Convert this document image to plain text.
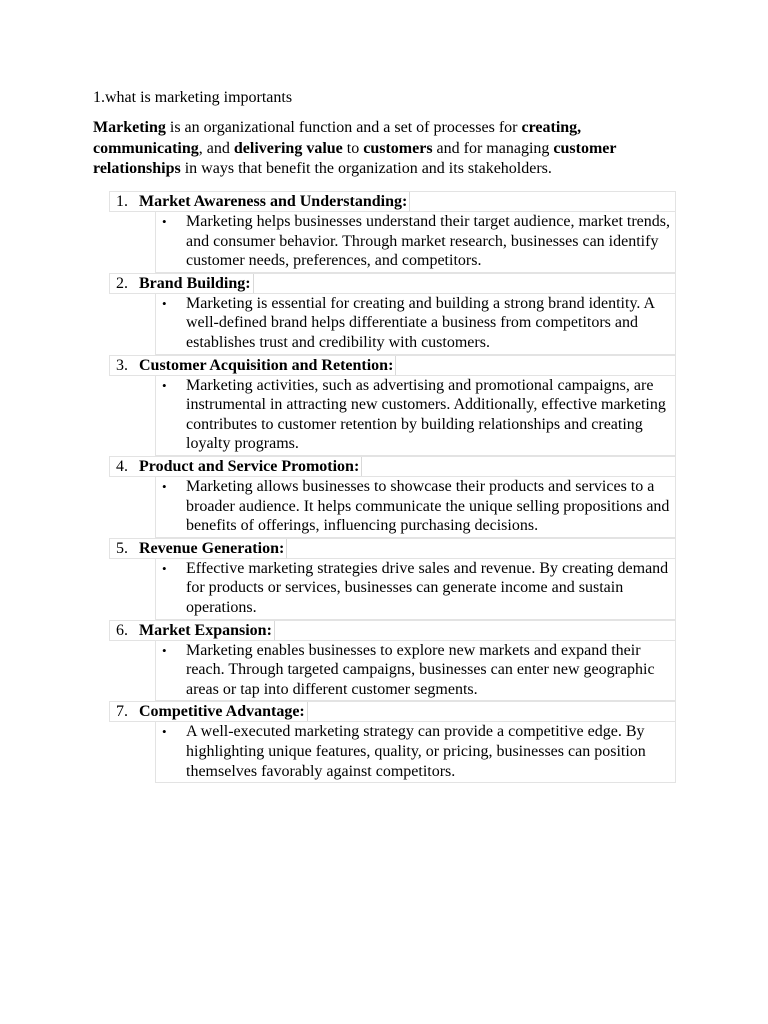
1.what is marketing importants

Marketing is an organizational function and a set of processes for creating, communicating, and delivering value to customers and for managing customer relationships in ways that benefit the organization and its stakeholders.

1. Market Awareness and Understanding:
• Marketing helps businesses understand their target audience, market trends, and consumer behavior. Through market research, businesses can identify customer needs, preferences, and competitors.
2. Brand Building:
• Marketing is essential for creating and building a strong brand identity. A well-defined brand helps differentiate a business from competitors and establishes trust and credibility with customers.
3. Customer Acquisition and Retention:
• Marketing activities, such as advertising and promotional campaigns, are instrumental in attracting new customers. Additionally, effective marketing contributes to customer retention by building relationships and creating loyalty programs.
4. Product and Service Promotion:
• Marketing allows businesses to showcase their products and services to a broader audience. It helps communicate the unique selling propositions and benefits of offerings, influencing purchasing decisions.
5. Revenue Generation:
• Effective marketing strategies drive sales and revenue. By creating demand for products or services, businesses can generate income and sustain operations.
6. Market Expansion:
• Marketing enables businesses to explore new markets and expand their reach. Through targeted campaigns, businesses can enter new geographic areas or tap into different customer segments.
7. Competitive Advantage:
• A well-executed marketing strategy can provide a competitive edge. By highlighting unique features, quality, or pricing, businesses can position themselves favorably against competitors.
